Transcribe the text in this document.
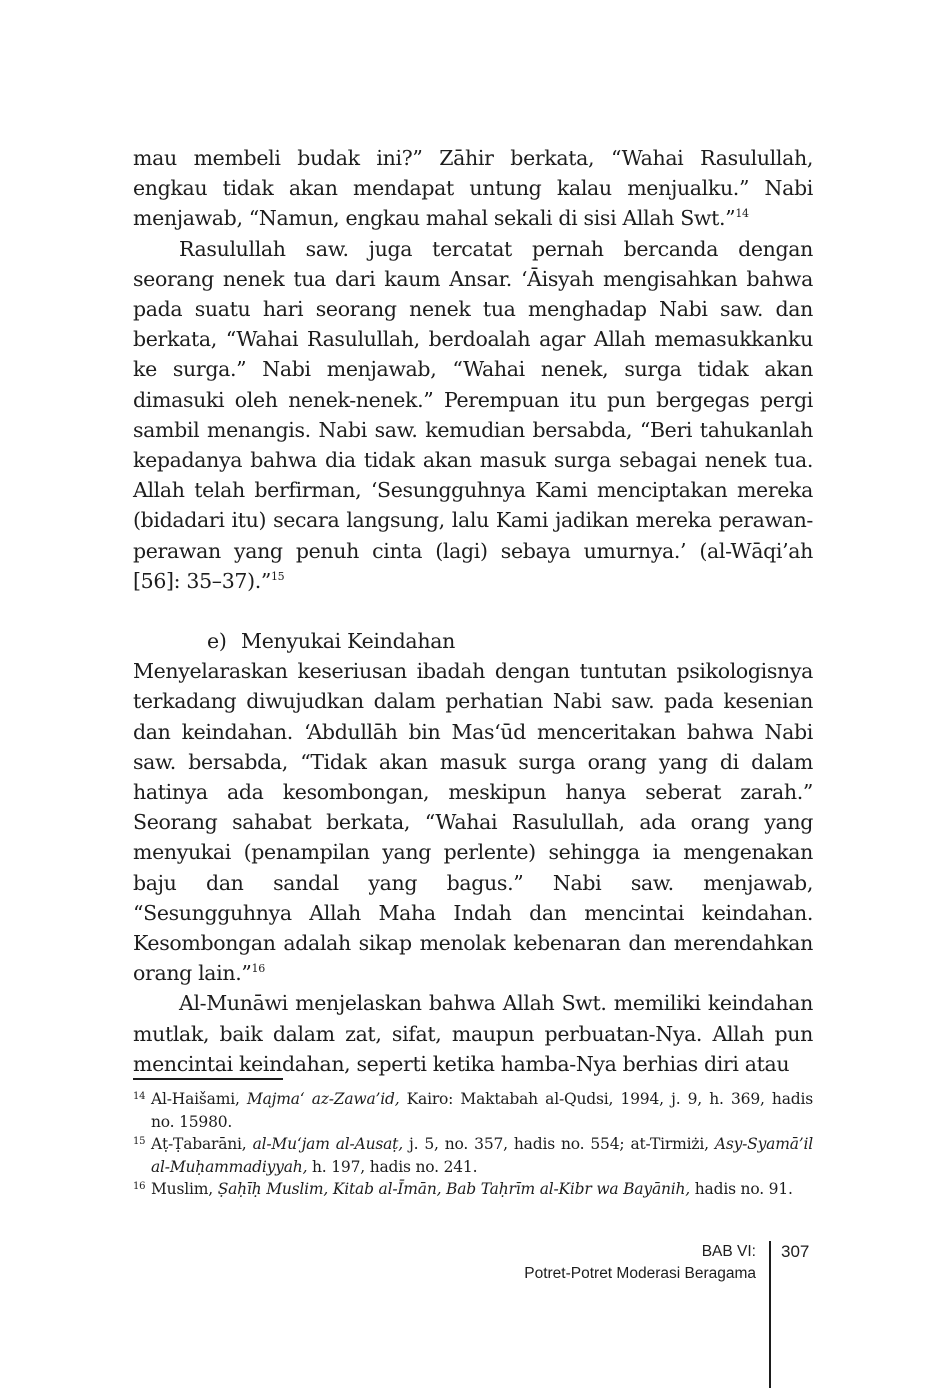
mau membeli budak ini?” Zāhir berkata, “Wahai Rasulullah, engkau tidak akan mendapat untung kalau menjualku.” Nabi menjawab, “Namun, engkau mahal sekali di sisi Allah Swt.”$^{14}$

Rasulullah saw. juga tercatat pernah bercanda dengan seorang nenek tua dari kaum Ansar. ‘Āisyah mengisahkan bahwa pada suatu hari seorang nenek tua menghadap Nabi saw. dan berkata, “Wahai Rasulullah, berdoalah agar Allah memasukkanku ke surga.” Nabi menjawab, “Wahai nenek, surga tidak akan dimasuki oleh nenek-nenek.” Perempuan itu pun bergegas pergi sambil menangis. Nabi saw. kemudian bersabda, “Beri tahukanlah kepadanya bahwa dia tidak akan masuk surga sebagai nenek tua. Allah telah berfirman, ‘Sesungguhnya Kami menciptakan mereka (bidadari itu) secara langsung, lalu Kami jadikan mereka perawan-perawan yang penuh cinta (lagi) sebaya umurnya.’ (al-Wāqi’ah [56]: 35–37).”$^{15}$

e) Menyukai Keindahan

Menyelaraskan keseriusan ibadah dengan tuntutan psikologisnya terkadang diwujudkan dalam perhatian Nabi saw. pada kesenian dan keindahan. ‘Abdullāh bin Mas‘ūd menceritakan bahwa Nabi saw. bersabda, “Tidak akan masuk surga orang yang di dalam hatinya ada kesombongan, meskipun hanya seberat zarah.” Seorang sahabat berkata, “Wahai Rasulullah, ada orang yang menyukai (penampilan yang perlente) sehingga ia mengenakan baju dan sandal yang bagus.” Nabi saw. menjawab, “Sesungguhnya Allah Maha Indah dan mencintai keindahan. Kesombongan adalah sikap menolak kebenaran dan merendahkan orang lain.”$^{16}$

Al-Munāwi menjelaskan bahwa Allah Swt. memiliki keindahan mutlak, baik dalam zat, sifat, maupun perbuatan-Nya. Allah pun mencintai keindahan, seperti ketika hamba-Nya berhias diri atau

14 Al-Haišami, Majma‘ az-Zawa’id, Kairo: Maktabah al-Qudsi, 1994, j. 9, h. 369, hadis no. 15980.

15 Aṭ-Ṭabarāni, al-Mu‘jam al-Ausaṭ, j. 5, no. 357, hadis no. 554; at-Tirmiżi, Asy-Syamā’il al-Muḥammadiyyah, h. 197, hadis no. 241.

16 Muslim, Ṣaḥīḥ Muslim, Kitab al-Īmān, Bab Taḥrīm al-Kibr wa Bayānih, hadis no. 91.

BAB VI:
Potret-Potret Moderasi Beragama
307
